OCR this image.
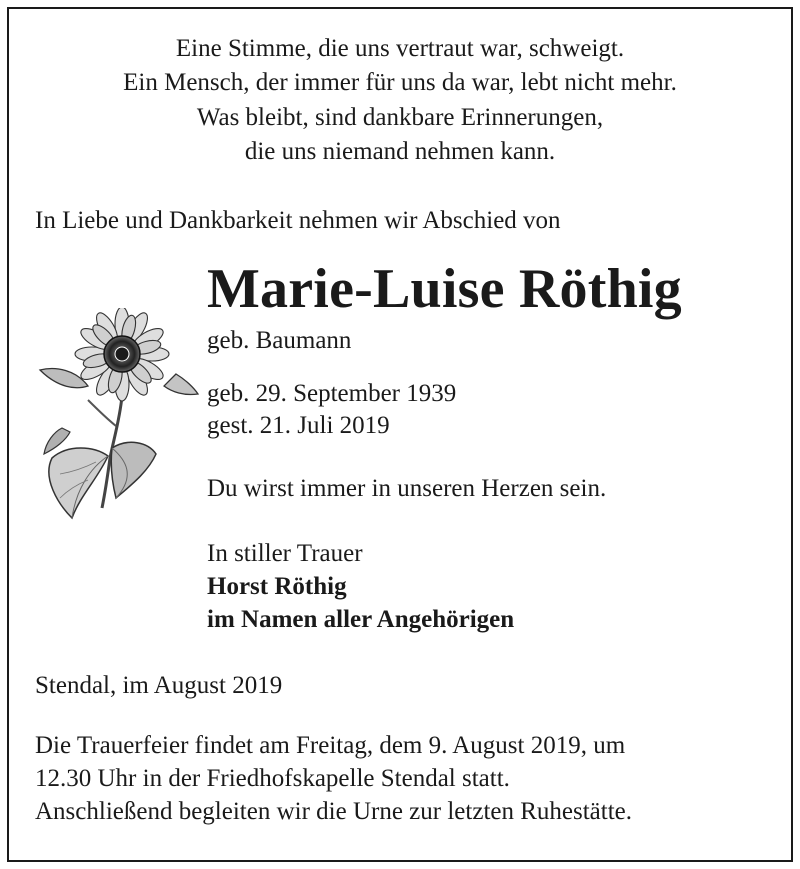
Eine Stimme, die uns vertraut war, schweigt.
Ein Mensch, der immer für uns da war, lebt nicht mehr.
Was bleibt, sind dankbare Erinnerungen,
die uns niemand nehmen kann.
In Liebe und Dankbarkeit nehmen wir Abschied von
Marie-Luise Röthig
geb. Baumann
geb. 29. September 1939
gest. 21. Juli 2019
Du wirst immer in unseren Herzen sein.
In stiller Trauer
Horst Röthig
im Namen aller Angehörigen
Stendal, im August 2019
Die Trauerfeier findet am Freitag, dem 9. August 2019, um
12.30 Uhr in der Friedhofskapelle Stendal statt.
Anschließend begleiten wir die Urne zur letzten Ruhestätte.
